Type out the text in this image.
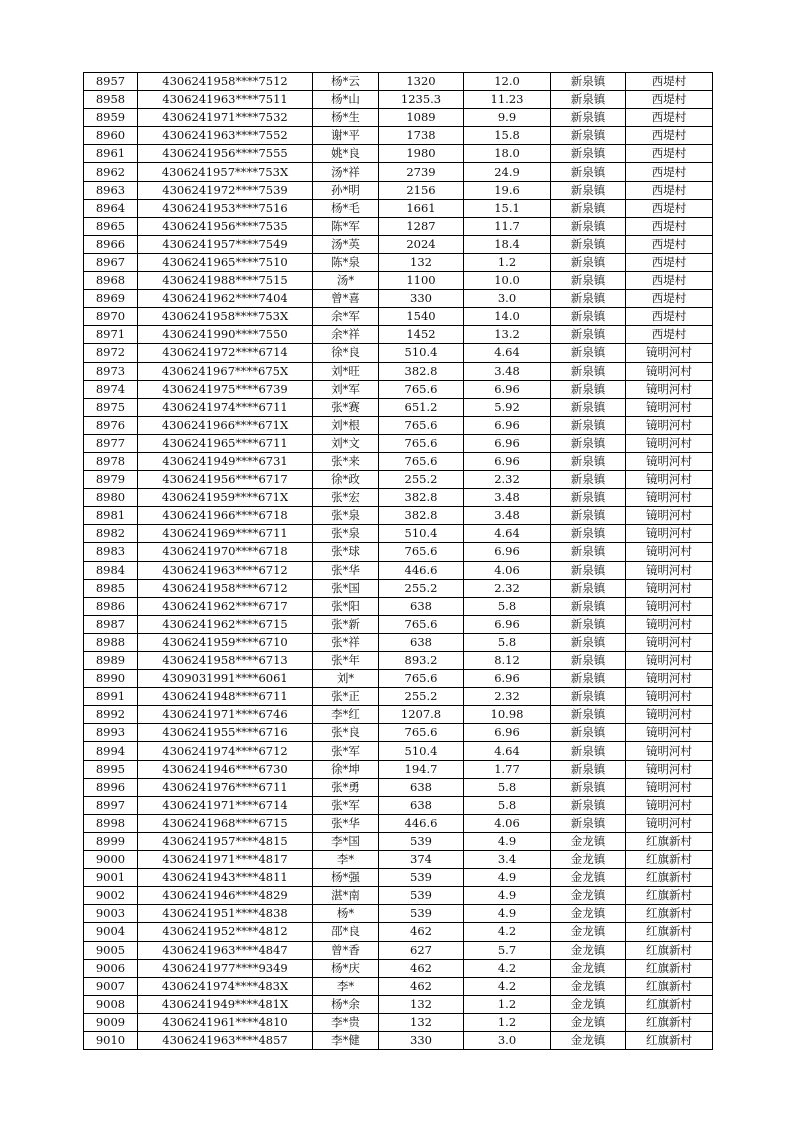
8957	4306241958****7512	杨*云	1320	12.0	新泉镇	西堤村
8958	4306241963****7511	杨*山	1235.3	11.23	新泉镇	西堤村
8959	4306241971****7532	杨*生	1089	9.9	新泉镇	西堤村
8960	4306241963****7552	谢*平	1738	15.8	新泉镇	西堤村
8961	4306241956****7555	姚*良	1980	18.0	新泉镇	西堤村
8962	4306241957****753X	汤*祥	2739	24.9	新泉镇	西堤村
8963	4306241972****7539	孙*明	2156	19.6	新泉镇	西堤村
8964	4306241953****7516	杨*毛	1661	15.1	新泉镇	西堤村
8965	4306241956****7535	陈*军	1287	11.7	新泉镇	西堤村
8966	4306241957****7549	汤*英	2024	18.4	新泉镇	西堤村
8967	4306241965****7510	陈*泉	132	1.2	新泉镇	西堤村
8968	4306241988****7515	汤*	1100	10.0	新泉镇	西堤村
8969	4306241962****7404	曾*喜	330	3.0	新泉镇	西堤村
8970	4306241958****753X	余*军	1540	14.0	新泉镇	西堤村
8971	4306241990****7550	余*祥	1452	13.2	新泉镇	西堤村
8972	4306241972****6714	徐*良	510.4	4.64	新泉镇	镜明河村
8973	4306241967****675X	刘*旺	382.8	3.48	新泉镇	镜明河村
8974	4306241975****6739	刘*军	765.6	6.96	新泉镇	镜明河村
8975	4306241974****6711	张*赛	651.2	5.92	新泉镇	镜明河村
8976	4306241966****671X	刘*根	765.6	6.96	新泉镇	镜明河村
8977	4306241965****6711	刘*文	765.6	6.96	新泉镇	镜明河村
8978	4306241949****6731	张*来	765.6	6.96	新泉镇	镜明河村
8979	4306241956****6717	徐*政	255.2	2.32	新泉镇	镜明河村
8980	4306241959****671X	张*宏	382.8	3.48	新泉镇	镜明河村
8981	4306241966****6718	张*泉	382.8	3.48	新泉镇	镜明河村
8982	4306241969****6711	张*泉	510.4	4.64	新泉镇	镜明河村
8983	4306241970****6718	张*球	765.6	6.96	新泉镇	镜明河村
8984	4306241963****6712	张*华	446.6	4.06	新泉镇	镜明河村
8985	4306241958****6712	张*国	255.2	2.32	新泉镇	镜明河村
8986	4306241962****6717	张*阳	638	5.8	新泉镇	镜明河村
8987	4306241962****6715	张*新	765.6	6.96	新泉镇	镜明河村
8988	4306241959****6710	张*祥	638	5.8	新泉镇	镜明河村
8989	4306241958****6713	张*年	893.2	8.12	新泉镇	镜明河村
8990	4309031991****6061	刘*	765.6	6.96	新泉镇	镜明河村
8991	4306241948****6711	张*正	255.2	2.32	新泉镇	镜明河村
8992	4306241971****6746	李*红	1207.8	10.98	新泉镇	镜明河村
8993	4306241955****6716	张*良	765.6	6.96	新泉镇	镜明河村
8994	4306241974****6712	张*军	510.4	4.64	新泉镇	镜明河村
8995	4306241946****6730	徐*坤	194.7	1.77	新泉镇	镜明河村
8996	4306241976****6711	张*勇	638	5.8	新泉镇	镜明河村
8997	4306241971****6714	张*军	638	5.8	新泉镇	镜明河村
8998	4306241968****6715	张*华	446.6	4.06	新泉镇	镜明河村
8999	4306241957****4815	李*国	539	4.9	金龙镇	红旗新村
9000	4306241971****4817	李*	374	3.4	金龙镇	红旗新村
9001	4306241943****4811	杨*强	539	4.9	金龙镇	红旗新村
9002	4306241946****4829	湛*南	539	4.9	金龙镇	红旗新村
9003	4306241951****4838	杨*	539	4.9	金龙镇	红旗新村
9004	4306241952****4812	邵*良	462	4.2	金龙镇	红旗新村
9005	4306241963****4847	曾*香	627	5.7	金龙镇	红旗新村
9006	4306241977****9349	杨*庆	462	4.2	金龙镇	红旗新村
9007	4306241974****483X	李*	462	4.2	金龙镇	红旗新村
9008	4306241949****481X	杨*余	132	1.2	金龙镇	红旗新村
9009	4306241961****4810	李*贵	132	1.2	金龙镇	红旗新村
9010	4306241963****4857	李*健	330	3.0	金龙镇	红旗新村
